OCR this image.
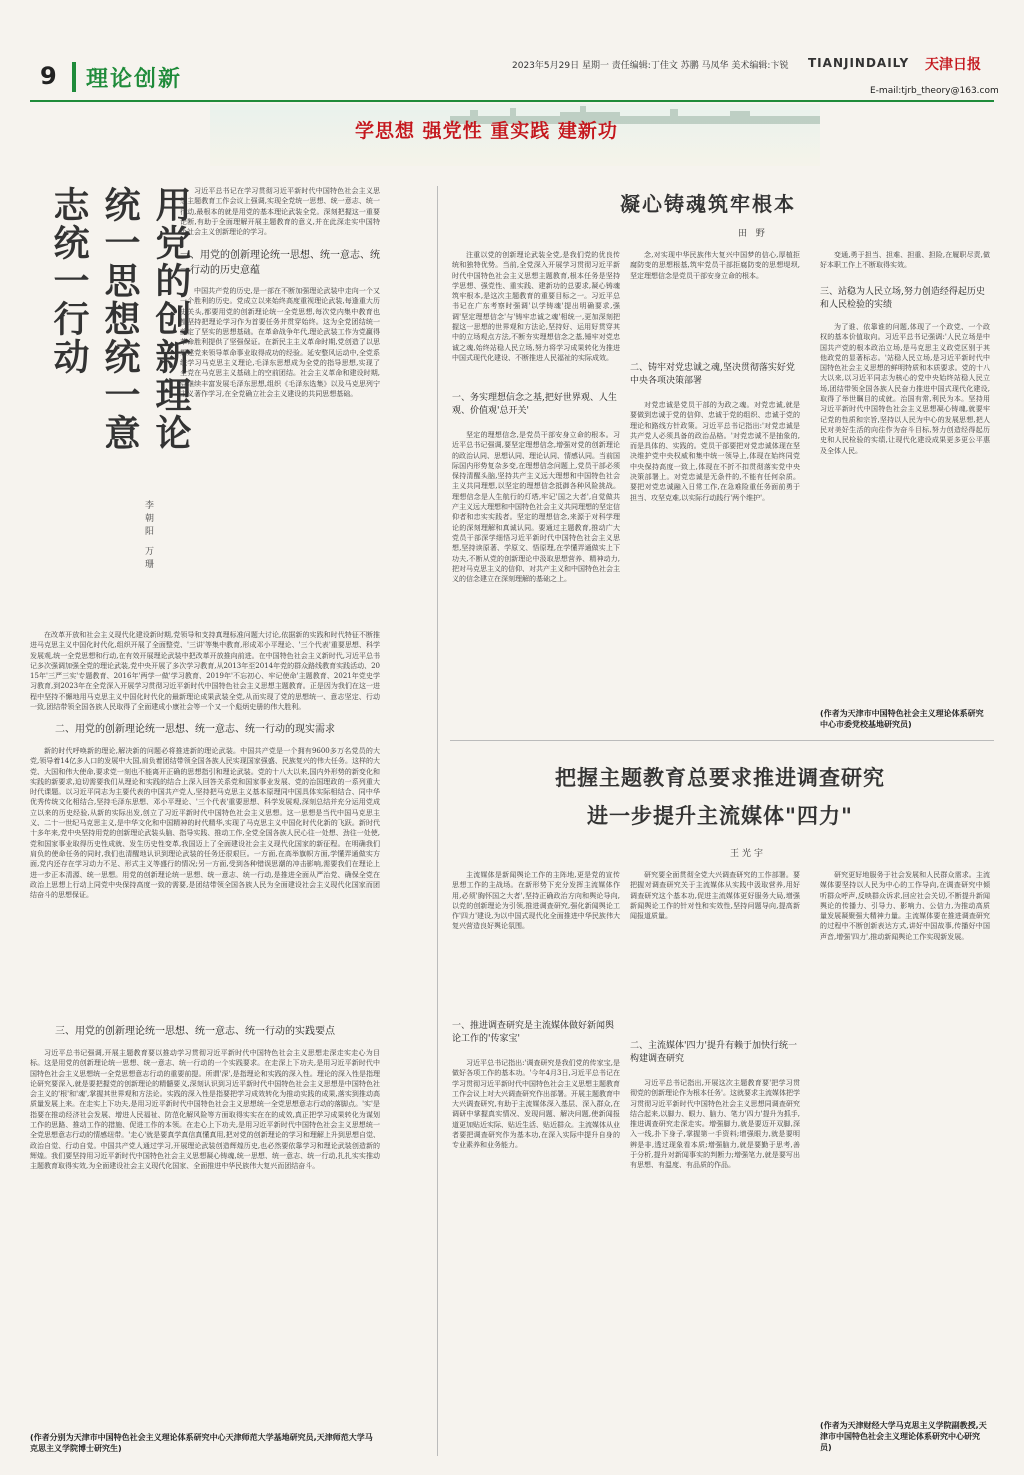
9 理论创新
2023年5月29日 星期一 责任编辑:丁佳文 苏鹏 马凤华 美术编辑:卞锐 TIANJINDAILY 天津日报
E-mail:tjrb_theory@163.com
学思想 强党性 重实践 建新功
用党的创新理论统一思想统一意志统一行动
李朝阳 万珊
习近平总书记在学习贯彻习近平新时代中国特色社会主义思想主题教育工作会议上强调,实现全党统一思想、统一意志、统一行动,最根本的就是用党的基本理论武装全党。深刻把握这一重要论断,有助于全面理解开展主题教育的意义,并在此深走实中国特色社会主义创新理论的学习。
一、用党的创新理论统一思想、统一意志、统一行动的历史意蕴
中国共产党的历史,是一部在不断加强理论武装中走向一个又一个胜利的历史。党成立以来始终高度重视理论武装,每逢重大历史关头,都要用党的创新理论统一全党思想,每次党内集中教育也都坚持把理论学习作为首要任务并贯穿始终。这为全党团结统一奠定了坚实的思想基础。在革命战争年代,理论武装工作为党赢得革命胜利提供了坚强保证。在新民主主义革命时期,党创造了以思想建党来领导革命事业取得成功的经验。延安整风运动中,全党系统学习马克思主义理论,毛泽东思想成为全党的指导思想,实现了全党在马克思主义基础上的空前团结。社会主义革命和建设时期,党继续丰富发展毛泽东思想,组织《毛泽东选集》以及马克思列宁主义著作学习,在全党确立社会主义建设的共同思想基础。
在改革开放和社会主义现代化建设新时期,党领导和支持真理标准问题大讨论,依据新的实践和时代特征不断推进马克思主义中国化时代化,组织开展了全面整党、'三讲'等集中教育,形成邓小平理论、'三个代表'重要思想、科学发展观,统一全党思想和行动,在有效开展理论武装中把改革开放推向前进。在中国特色社会主义新时代,习近平总书记多次强调加强全党的理论武装,党中央开展了多次学习教育,从2013年至2014年党的群众路线教育实践活动、2015年'三严三实'专题教育、2016年'两学一做'学习教育、2019年'不忘初心、牢记使命'主题教育、2021年党史学习教育,到2023年在全党深入开展学习贯彻习近平新时代中国特色社会主义思想主题教育。正是因为我们在这一进程中坚持不懈地用马克思主义中国化时代化的最新理论成果武装全党,从而实现了党的思想统一、意志坚定、行动一致,团结带领全国各族人民取得了全面建成小康社会等一个又一个彪炳史册的伟大胜利。
二、用党的创新理论统一思想、统一意志、统一行动的现实需求
新的时代呼唤新的理论,解决新的问题必将推进新的理论武装。中国共产党是一个拥有9600多万名党员的大党,领导着14亿多人口的发展中大国,肩负着团结带领全国各族人民实现国家强盛、民族复兴的伟大任务。这样的大党、大国和伟大使命,要求党一刻也不能离开正确的思想指引和理论武装。党的十八大以来,国内外形势的新变化和实践的新要求,迫切需要我们从理论和实践的结合上深入回答关系党和国家事业发展、党的治国理政的一系列重大时代课题。以习近平同志为主要代表的中国共产党人,坚持把马克思主义基本原理同中国具体实际相结合、同中华优秀传统文化相结合,坚持毛泽东思想、邓小平理论、'三个代表'重要思想、科学发展观,深刻总结并充分运用党成立以来的历史经验,从新的实际出发,创立了习近平新时代中国特色社会主义思想。这一思想是当代中国马克思主义、二十一世纪马克思主义,是中华文化和中国精神的时代精华,实现了马克思主义中国化时代化新的飞跃。新时代十多年来,党中央坚持用党的创新理论武装头脑、指导实践、推动工作,全党全国各族人民心往一处想、劲往一处使,党和国家事业取得历史性成就、发生历史性变革,我国迈上了全面建设社会主义现代化国家的新征程。在明确我们肩负的使命任务的同时,我们也清醒地认识到理论武装的任务还很艰巨。一方面,在高举旗帜方面,学懂弄通做实方面,党内还存在学习动力不足、形式主义等盛行的情况;另一方面,受到各种错误思潮的冲击影响,需要我们在理论上进一步正本清源、统一思想。用党的创新理论统一思想、统一意志、统一行动,是推进全面从严治党、确保全党在政治上思想上行动上同党中央保持高度一致的需要,是团结带领全国各族人民为全面建设社会主义现代化国家而团结奋斗的思想保证。
三、用党的创新理论统一思想、统一意志、统一行动的实践要点
习近平总书记强调,开展主题教育要以推动学习贯彻习近平新时代中国特色社会主义思想走深走实走心为目标。这是用党的创新理论统一思想、统一意志、统一行动的一个实践要求。在走深上下功夫,是用习近平新时代中国特色社会主义思想统一全党思想意志行动的重要前提。所谓'深',是指理论和实践的深入性。理论的深入性是指理论研究要深入,就是要把握党的创新理论的精髓要义,深刻认识到习近平新时代中国特色社会主义思想是中国特色社会主义的'根'和'魂',掌握其世界观和方法论。实践的深入性是指要把学习成效转化为推动实践的成果,落实到推动高质量发展上来。在走实上下功夫,是用习近平新时代中国特色社会主义思想统一全党思想意志行动的落脚点。'实'是指要在推动经济社会发展、增进人民福祉、防范化解风险等方面取得实实在在的成效,真正把学习成果转化为谋划工作的思路、推动工作的措施、促进工作的本领。在走心上下功夫,是用习近平新时代中国特色社会主义思想统一全党思想意志行动的情感纽带。'走心'就是要真学真信真懂真用,把对党的创新理论的学习和理解上升到思想自觉、政治自觉、行动自觉。中国共产党人通过学习,开展理论武装创造辉煌历史,也必然要依靠学习和理论武装创造新的辉煌。我们要坚持用习近平新时代中国特色社会主义思想凝心铸魂,统一思想、统一意志、统一行动,扎扎实实推动主题教育取得实效,为全面建设社会主义现代化国家、全面推进中华民族伟大复兴而团结奋斗。
(作者分别为天津市中国特色社会主义理论体系研究中心天津师范大学基地研究员,天津师范大学马克思主义学院博士研究生)
凝心铸魂筑牢根本
田 野
注重以党的创新理论武装全党,是我们党的优良传统和独特优势。当前,全党深入开展学习贯彻习近平新时代中国特色社会主义思想主题教育,根本任务是坚持学思想、强党性、重实践、建新功的总要求,凝心铸魂筑牢根本,是这次主题教育的重要目标之一。习近平总书记在广东考察时强调'以学铸魂'提出明确要求,强调'坚定理想信念'与'铸牢忠诚之魂'相统一,更加深刻把握这一思想的世界观和方法论,坚持好、运用好贯穿其中的立场观点方法,不断夯实理想信念之基,锤牢对党忠诚之魂,始终站稳人民立场,努力将学习成果转化为推进中国式现代化建设、不断推进人民福祉的实际成效。
一、务实理想信念之基,把好世界观、人生观、价值观'总开关'
坚定的理想信念,是党员干部安身立命的根本。习近平总书记强调,要坚定理想信念,增强对党的创新理论的政治认同、思想认同、理论认同、情感认同。当前国际国内形势复杂多变,在理想信念问题上,党员干部必须保持清醒头脑,坚持共产主义远大理想和中国特色社会主义共同理想,以坚定的理想信念抵御各种风险挑战。理想信念是人生航行的灯塔,牢记'国之大者',自觉做共产主义远大理想和中国特色社会主义共同理想的坚定信仰者和忠实实践者。坚定的理想信念,来源于对科学理论的深刻理解和真诚认同。要通过主题教育,推动广大党员干部深学细悟习近平新时代中国特色社会主义思想,坚持读原著、学原文、悟原理,在学懂弄通做实上下功夫,不断从党的创新理论中汲取思想营养、精神动力,把对马克思主义的信仰、对共产主义和中国特色社会主义的信念建立在深刻理解的基础之上。
念,对实现中华民族伟大复兴中国梦的信心,厚植拒腐防变的思想根基,筑牢党员干部拒腐防变的思想堤坝,坚定理想信念是党员干部安身立命的根本。
二、铸牢对党忠诚之魂,坚决贯彻落实好党中央各项决策部署
对党忠诚是党员干部的为政之魂。对党忠诚,就是要做到忠诚于党的信仰、忠诚于党的组织、忠诚于党的理论和路线方针政策。习近平总书记指出:'对党忠诚是共产党人必须具备的政治品格。'对党忠诚不是抽象的,而是具体的、实践的。党员干部要把对党忠诚体现在坚决维护党中央权威和集中统一领导上,体现在始终同党中央保持高度一致上,体现在不折不扣贯彻落实党中央决策部署上。对党忠诚是无条件的,不能有任何杂质。要把对党忠诚融入日常工作,在急难险重任务面前勇于担当、攻坚克难,以实际行动践行'两个维护'。
变通,勇于担当、担难、担重、担险,在履职尽责,做好本职工作上不断取得实效。
三、站稳为人民立场,努力创造经得起历史和人民检验的实绩
为了谁、依靠谁的问题,体现了一个政党、一个政权的基本价值取向。习近平总书记强调:'人民立场是中国共产党的根本政治立场,是马克思主义政党区别于其他政党的显著标志。'站稳人民立场,是习近平新时代中国特色社会主义思想的鲜明特质和本质要求。党的十八大以来,以习近平同志为核心的党中央始终站稳人民立场,团结带领全国各族人民奋力推进中国式现代化建设,取得了举世瞩目的成就。治国有常,利民为本。坚持用习近平新时代中国特色社会主义思想凝心铸魂,就要牢记党的性质和宗旨,坚持以人民为中心的发展思想,把人民对美好生活的向往作为奋斗目标,努力创造经得起历史和人民检验的实绩,让现代化建设成果更多更公平惠及全体人民。
(作者为天津市中国特色社会主义理论体系研究中心市委党校基地研究员)
把握主题教育总要求推进调查研究
进一步提升主流媒体"四力"
王光宇
主流媒体是新闻舆论工作的主阵地,更是党的宣传思想工作的主战场。在新形势下充分发挥主流媒体作用,必须'胸怀国之大者',坚持正确政治方向和舆论导向,以党的创新理论为引领,推进调查研究,强化新闻舆论工作'四力'建设,为以中国式现代化全面推进中华民族伟大复兴营造良好舆论氛围。
一、推进调查研究是主流媒体做好新闻舆论工作的'传家宝'
习近平总书记指出:'调查研究是我们党的传家宝,是做好各项工作的基本功。'今年4月3日,习近平总书记在学习贯彻习近平新时代中国特色社会主义思想主题教育工作会议上对大兴调查研究作出部署。开展主题教育中大兴调查研究,有助于主流媒体深入基层、深入群众,在调研中掌握真实情况、发现问题、解决问题,使新闻报道更加贴近实际、贴近生活、贴近群众。主流媒体从业者要把调查研究作为基本功,在深入实际中提升自身的专业素养和业务能力。
研究要全面贯彻全党大兴调查研究的工作部署。要把握对调查研究关于主流媒体从实践中汲取营养,用好调查研究这个基本功,促进主流媒体更好服务大局,增强新闻舆论工作的针对性和实效性,坚持问题导向,提高新闻报道质量。
二、主流媒体'四力'提升有赖于加快行统一构建调查研究
习近平总书记指出,开展这次主题教育要'把学习贯彻党的创新理论作为根本任务'。这就要求主流媒体把学习贯彻习近平新时代中国特色社会主义思想同调查研究结合起来,以脚力、眼力、脑力、笔力'四力'提升为抓手,推进调查研究走深走实。增强脚力,就是要迈开双脚,深入一线,扑下身子,掌握第一手资料;增强眼力,就是要明辨是非,透过现象看本质;增强脑力,就是要勤于思考,善于分析,提升对新闻事实的判断力;增强笔力,就是要写出有思想、有温度、有品质的作品。
研究更好地服务于社会发展和人民群众需求。主流媒体要坚持以人民为中心的工作导向,在调查研究中倾听群众呼声,反映群众诉求,回应社会关切,不断提升新闻舆论的传播力、引导力、影响力、公信力,为推动高质量发展凝聚强大精神力量。主流媒体要在推进调查研究的过程中不断创新表达方式,讲好中国故事,传播好中国声音,增强'四力',推动新闻舆论工作实现新发展。
(作者为天津财经大学马克思主义学院副教授,天津市中国特色社会主义理论体系研究中心研究员)
